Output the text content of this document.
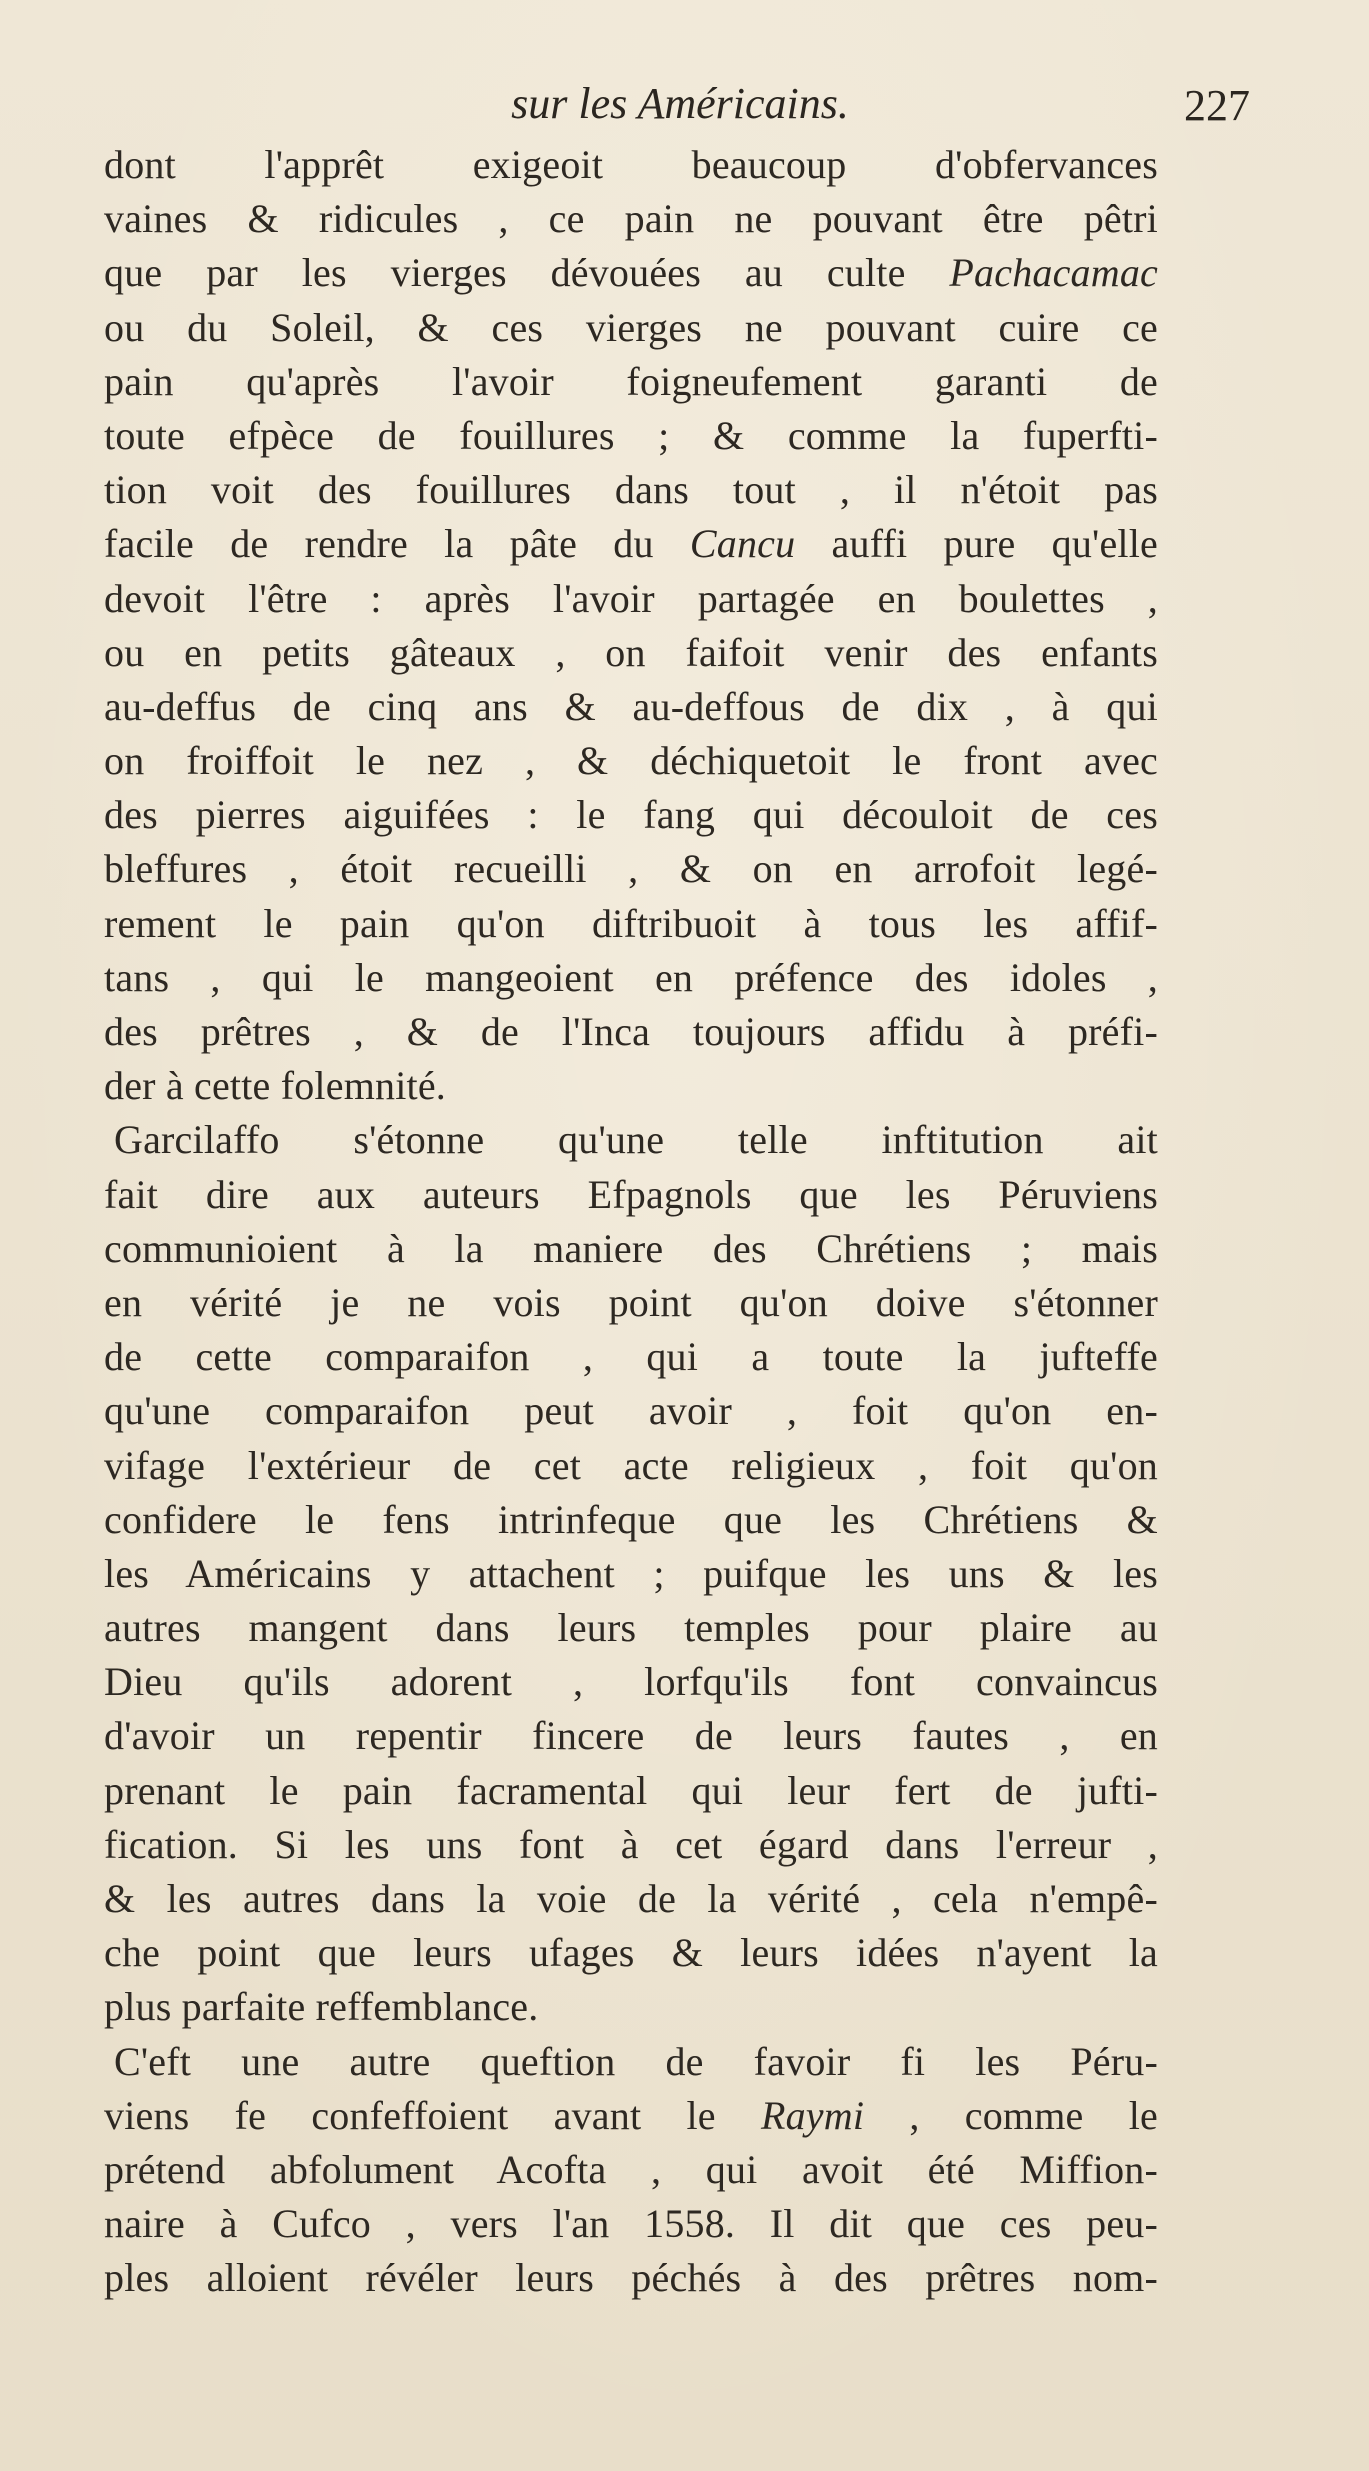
sur les Américains.	227
dont l'apprêt exigeoit beaucoup d'obfervances
vaines & ridicules , ce pain ne pouvant être pêtri
que par les vierges dévouées au culte Pachacamac
ou du Soleil, & ces vierges ne pouvant cuire ce
pain qu'après l'avoir foigneufement garanti de
toute efpèce de fouillures ; & comme la fuperfti-
tion voit des fouillures dans tout , il n'étoit pas
facile de rendre la pâte du Cancu auffi pure qu'elle
devoit l'être : après l'avoir partagée en boulettes ,
ou en petits gâteaux , on faifoit venir des enfants
au-deffus de cinq ans & au-deffous de dix , à qui
on froiffoit le nez , & déchiquetoit le front avec
des pierres aiguifées : le fang qui découloit de ces
bleffures , étoit recueilli , & on en arrofoit legé-
rement le pain qu'on diftribuoit à tous les affif-
tans , qui le mangeoient en préfence des idoles ,
des prêtres , & de l'Inca toujours affidu à préfi-
der à cette folemnité.
Garcilaffo s'étonne qu'une telle inftitution ait
fait dire aux auteurs Efpagnols que les Péruviens
communioient à la maniere des Chrétiens ; mais
en vérité je ne vois point qu'on doive s'étonner
de cette comparaifon , qui a toute la jufteffe
qu'une comparaifon peut avoir , foit qu'on en-
vifage l'extérieur de cet acte religieux , foit qu'on
confidere le fens intrinfeque que les Chrétiens &
les Américains y attachent ; puifque les uns & les
autres mangent dans leurs temples pour plaire au
Dieu qu'ils adorent , lorfqu'ils font convaincus
d'avoir un repentir fincere de leurs fautes , en
prenant le pain facramental qui leur fert de jufti-
fication. Si les uns font à cet égard dans l'erreur ,
& les autres dans la voie de la vérité , cela n'empê-
che point que leurs ufages & leurs idées n'ayent la
plus parfaite reffemblance.
C'eft une autre queftion de favoir fi les Péru-
viens fe confeffoient avant le Raymi , comme le
prétend abfolument Acofta , qui avoit été Miffion-
naire à Cufco , vers l'an 1558. Il dit que ces peu-
ples alloient révéler leurs péchés à des prêtres nom-
